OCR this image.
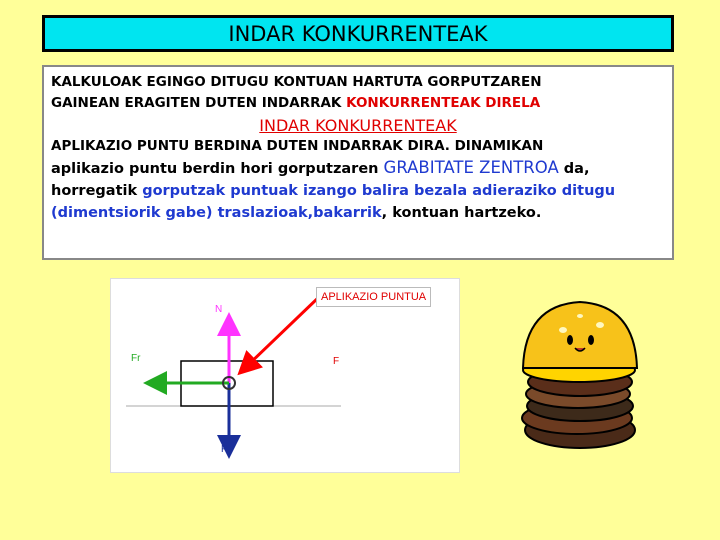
INDAR KONKURRENTEAK
KALKULOAK EGINGO DITUGU KONTUAN HARTUTA GORPUTZAREN
GAINEAN ERAGITEN DUTEN INDARRAK KONKURRENTEAK DIRELA
INDAR KONKURRENTEAK
APLIKAZIO PUNTU BERDINA DUTEN INDARRAK DIRA. DINAMIKAN
aplikazio puntu berdin hori gorputzaren GRABITATE ZENTROA da,
horregatik gorputzak puntuak izango balira bezala adieraziko ditugu (dimentsiorik gabe) traslazioak,bakarrik, kontuan hartzeko.
N
Fr	F
P
APLIKAZIO PUNTUA
